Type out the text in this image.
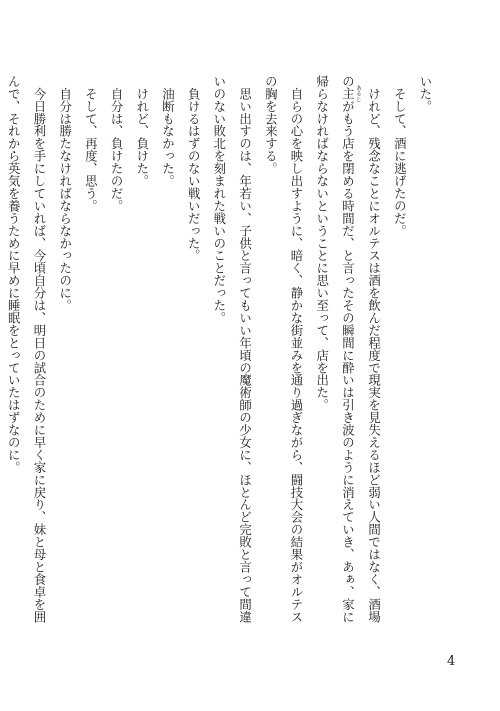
いた。
　そして、酒に逃げたのだ。
　けれど、残念なことにオルテスは酒を飲んだ程度で現実を見失えるほど弱い人間ではなく、酒場
の主 あるじがもう店を閉める時間だ、と言ったその瞬間に酔いは引き波のように消えていき、あぁ、家に
帰らなければならないということに思い至って、店を出た。
　自らの心を映し出すように、暗く、静かな街並みを通り過ぎながら、闘技大会の結果がオルテス
の胸を去来する。
　思い出すのは、年若い、子供と言ってもいい年頃の魔術師の少女に、ほとんど完敗と言って間違
いのない敗北を刻まれた戦いのことだった。
　負けるはずのない戦いだった。
　油断もなかった。
　けれど、負けた。
　自分は、負けたのだ。
　そして、再度、思う。
　自分は勝たなければならなかったのに。
　今日勝利を手にしていれば、今頃自分は、明日の試合のために早く家に戻り、妹と母と食卓を囲
んで、それから英気を養うために早めに睡眠をとっていたはずなのに。
4
